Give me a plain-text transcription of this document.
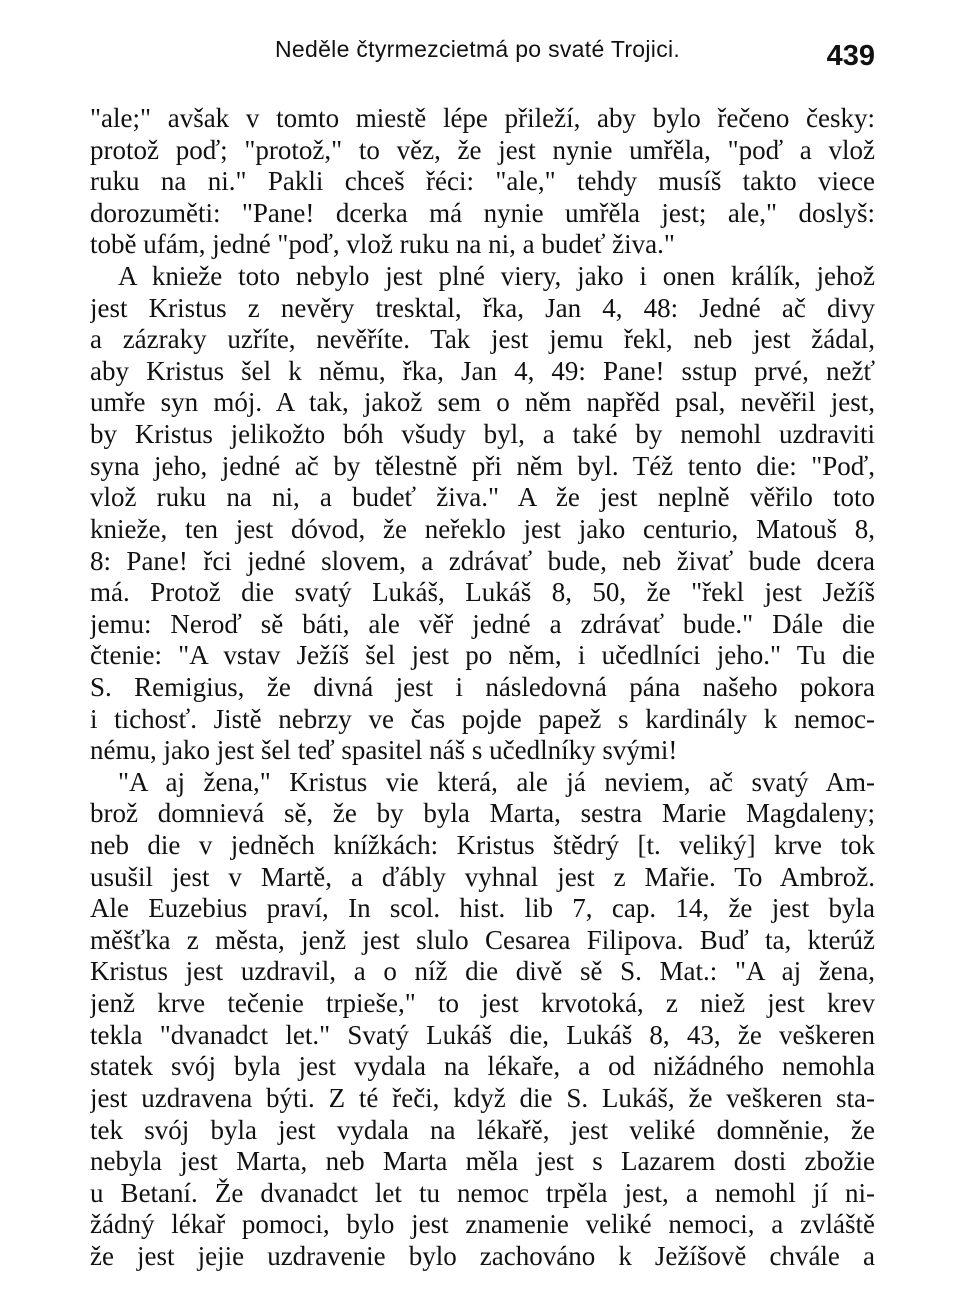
Neděle čtyrmezcietmá po svaté Trojici.	439
"ale;" avšak v tomto miestě lépe přileží, aby bylo řečeno česky:
protož poď; "protož," to věz, že jest nynie umřěla, "poď a vlož
ruku na ni." Pakli chceš řéci: "ale," tehdy musíš takto viece
dorozuměti: "Pane! dcerka má nynie umřěla jest; ale," doslyš:
tobě ufám, jedné "poď, vlož ruku na ni, a budeť živa."
A knieže toto nebylo jest plné viery, jako i onen králík, jehož
jest Kristus z nevěry tresktal, řka, Jan 4, 48: Jedné ač divy
a zázraky uzříte, nevěříte. Tak jest jemu řekl, neb jest žádal,
aby Kristus šel k němu, řka, Jan 4, 49: Pane! sstup prvé, nežť
umře syn mój. A tak, jakož sem o něm napřěd psal, nevěřil jest,
by Kristus jelikožto bóh všudy byl, a také by nemohl uzdraviti
syna jeho, jedné ač by tělestně při něm byl. Též tento die: "Poď,
vlož ruku na ni, a budeť živa." A že jest neplně věřilo toto
knieže, ten jest dóvod, že neřeklo jest jako centurio, Matouš 8,
8: Pane! řci jedné slovem, a zdrávať bude, neb živať bude dcera
má. Protož die svatý Lukáš, Lukáš 8, 50, že "řekl jest Ježíš
jemu: Neroď sě báti, ale věř jedné a zdrávať bude." Dále die
čtenie: "A vstav Ježíš šel jest po něm, i učedlníci jeho." Tu die
S. Remigius, že divná jest i následovná pána našeho pokora
i tichosť. Jistě nebrzy ve čas pojde papež s kardinály k nemoc-
nému, jako jest šel teď spasitel náš s učedlníky svými!
"A aj žena," Kristus vie která, ale já neviem, ač svatý Am-
brož domnievá sě, že by byla Marta, sestra Marie Magdaleny;
neb die v jedněch knížkách: Kristus štědrý [t. veliký] krve tok
usušil jest v Martě, a ďábly vyhnal jest z Mařie. To Ambrož.
Ale Euzebius praví, In scol. hist. lib 7, cap. 14, že jest byla
měšťka z města, jenž jest slulo Cesarea Filipova. Buď ta, kterúž
Kristus jest uzdravil, a o níž die divě sě S. Mat.: "A aj žena,
jenž krve tečenie trpieše," to jest krvotoká, z niež jest krev
tekla "dvanadct let." Svatý Lukáš die, Lukáš 8, 43, že veškeren
statek svój byla jest vydala na lékaře, a od nižádného nemohla
jest uzdravena býti. Z té řeči, když die S. Lukáš, že veškeren sta-
tek svój byla jest vydala na lékařě, jest veliké domněnie, že
nebyla jest Marta, neb Marta měla jest s Lazarem dosti zbožie
u Betaní. Že dvanadct let tu nemoc trpěla jest, a nemohl jí ni-
žádný lékař pomoci, bylo jest znamenie veliké nemoci, a zvláště
že jest jejie uzdravenie bylo zachováno k Ježíšově chvále a
